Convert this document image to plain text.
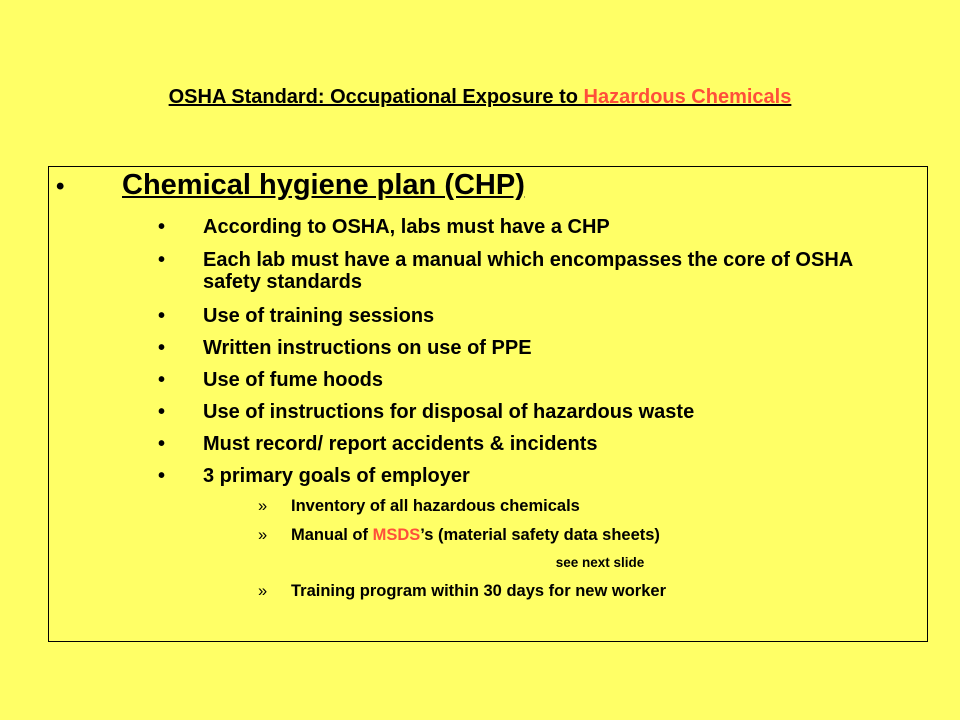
OSHA Standard: Occupational Exposure to Hazardous Chemicals
• Chemical hygiene plan (CHP)
• According to OSHA, labs must have a CHP
• Each lab must have a manual which encompasses the core of OSHA safety standards
• Use of training sessions
• Written instructions on use of PPE
• Use of fume hoods
• Use of instructions for disposal of hazardous waste
• Must record/ report accidents & incidents
• 3 primary goals of employer
» Inventory of all hazardous chemicals
» Manual of MSDS’s (material safety data sheets)
see next slide
» Training program within 30 days for new worker
